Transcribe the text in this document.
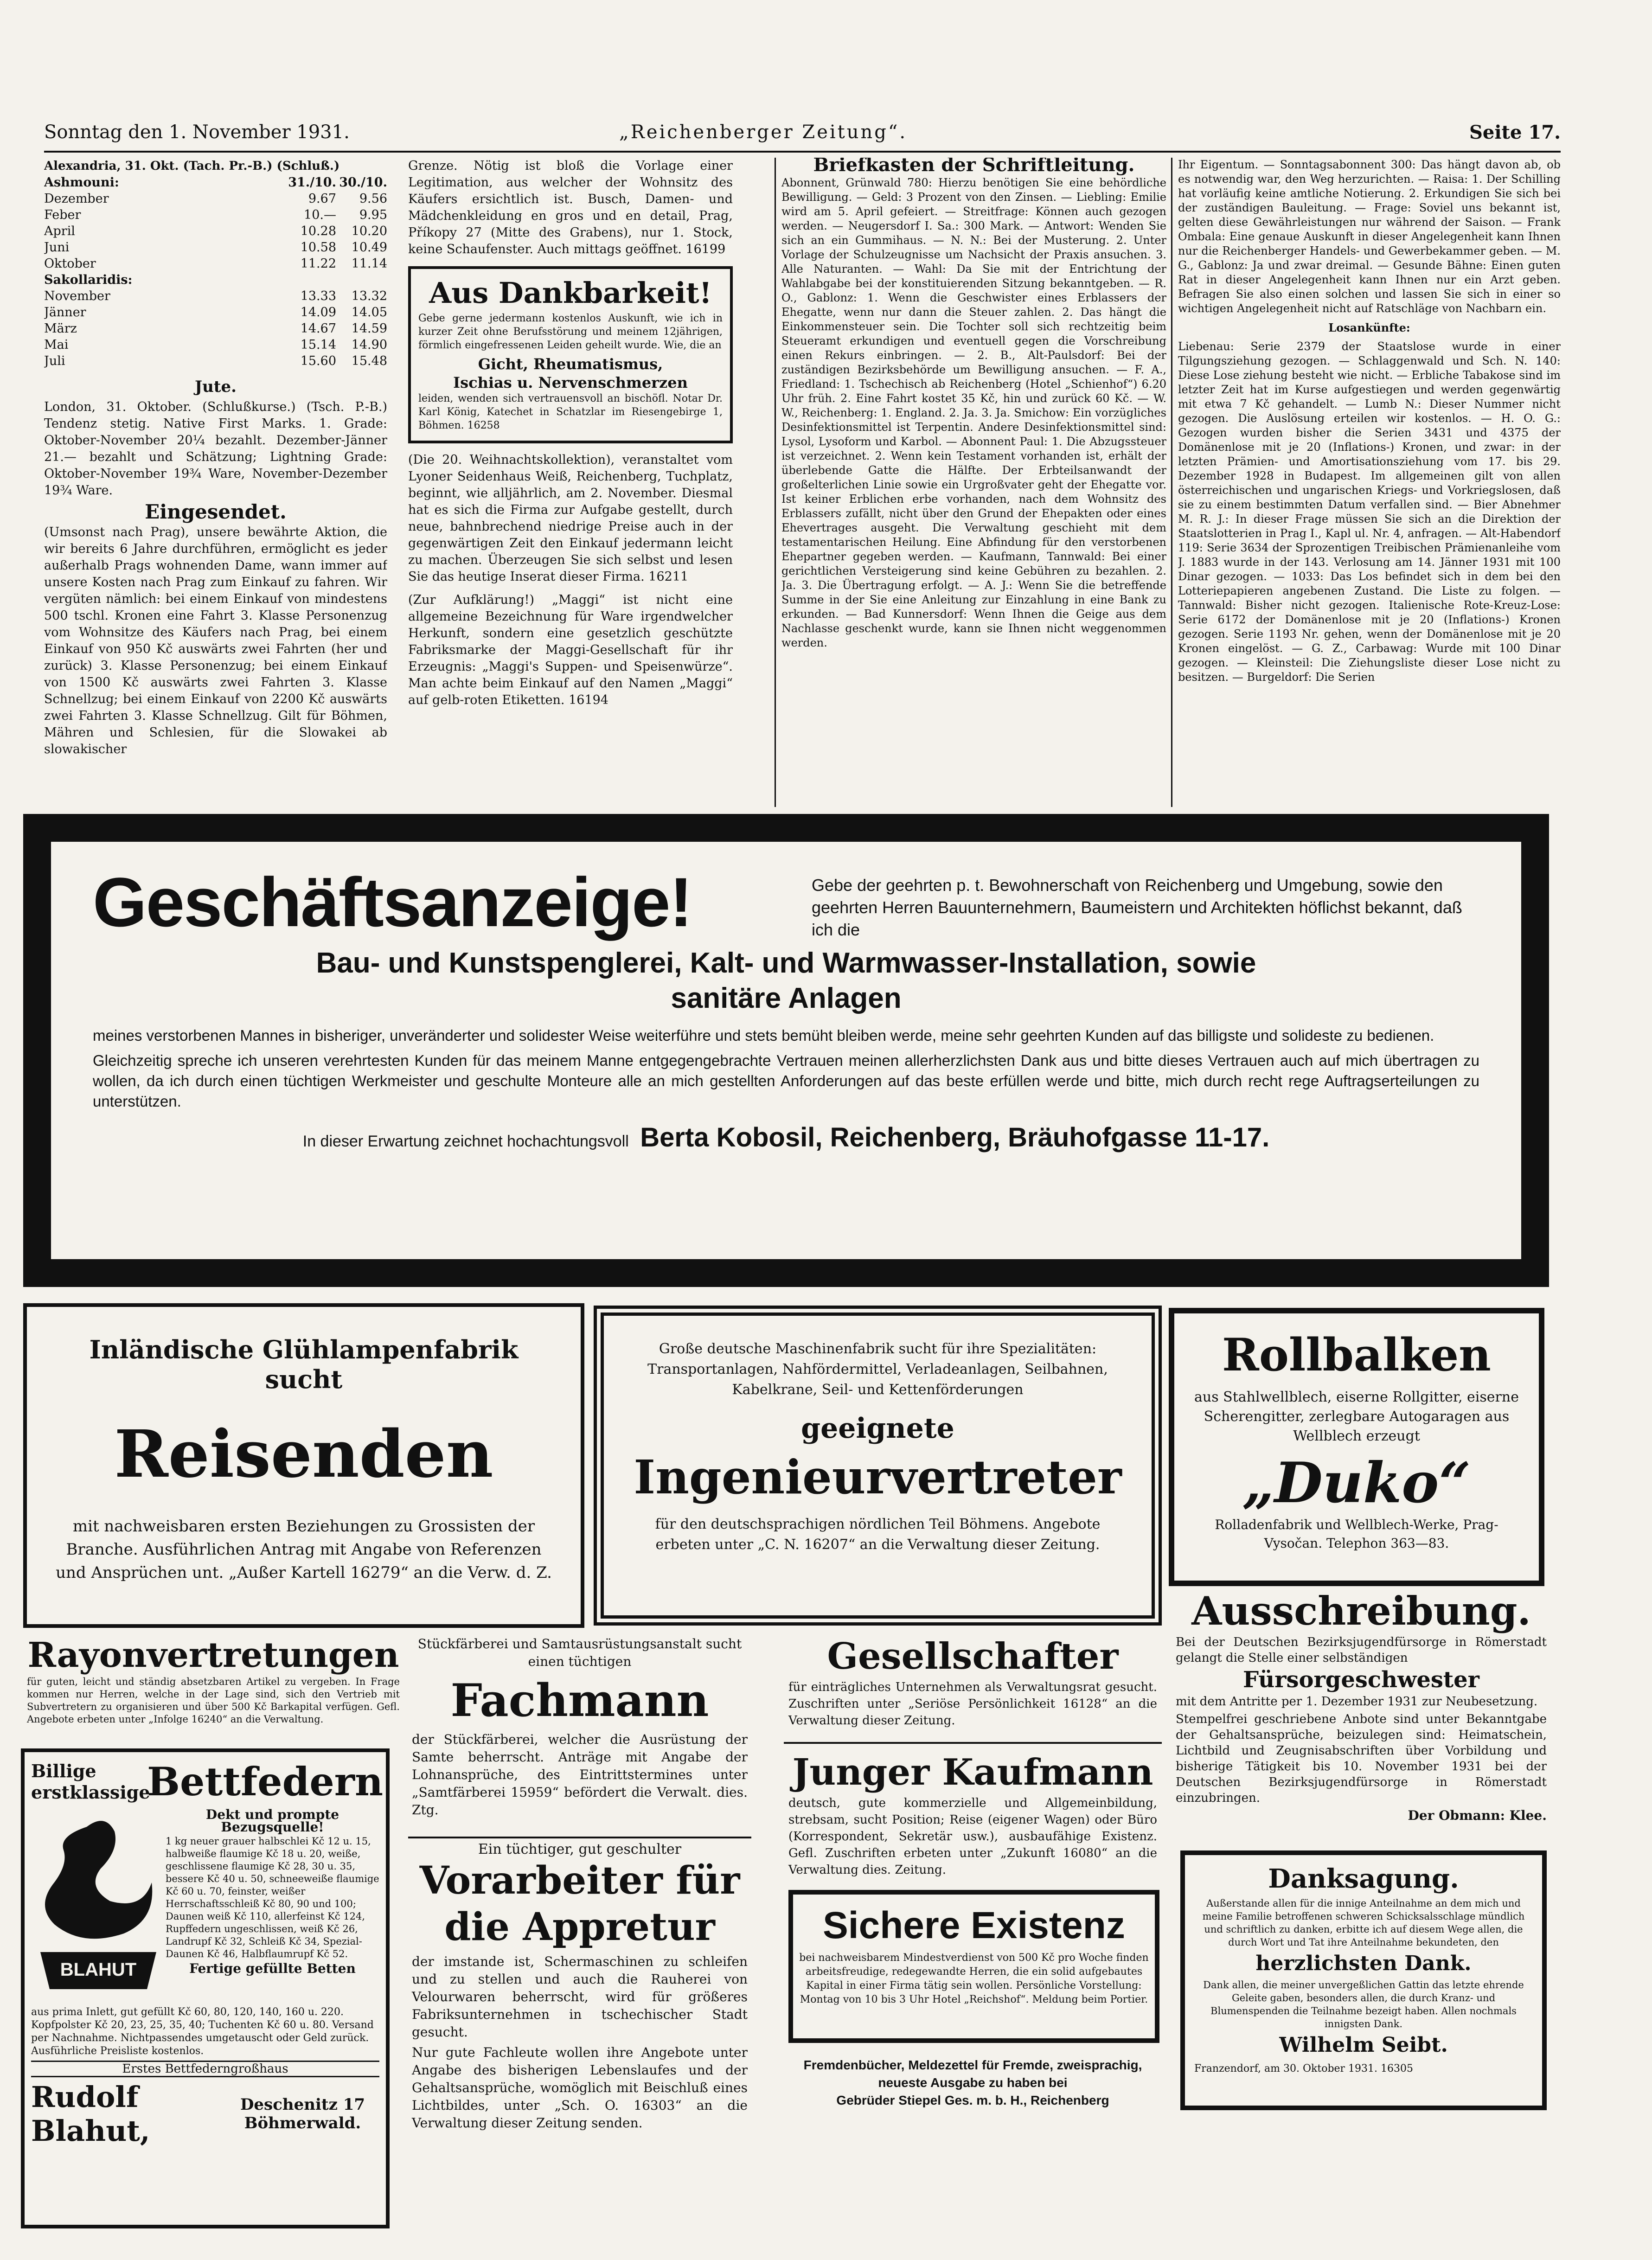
Sonntag den 1. November 1931.	„Reichenberger Zeitung“.	Seite 17.
Alexandria, 31. Okt. (Tach. Pr.-B.) (Schluß.)
Ashmouni:	31./10. 30./10.
Dezember	9.67	9.56
Feber	10.—	9.95
April	10.28	10.20
Juni	10.58	10.49
Oktober	11.22	11.14
Sakollaridis:
November	13.33	13.32
Jänner	14.09	14.05
März	14.67	14.59
Mai	15.14	14.90
Juli	15.60	15.48
Jute.

London, 31. Oktober. (Schlußkurse.) (Tsch. P.-B.) Tendenz stetig. Native First Marks. 1. Grade: Oktober-November 20¼ bezahlt. Dezember-Jänner 21.— bezahlt und Schätzung; Lightning Grade: Oktober-November 19¾ Ware, November-Dezember 19¾ Ware.

Eingesendet.

(Umsonst nach Prag), unsere bewährte Aktion, die wir bereits 6 Jahre durchführen, ermöglicht es jeder außerhalb Prags wohnenden Dame, wann immer auf unsere Kosten nach Prag zum Einkauf zu fahren. Wir vergüten nämlich: bei einem Einkauf von mindestens 500 tschl. Kronen eine Fahrt 3. Klasse Personenzug vom Wohnsitze des Käufers nach Prag, bei einem Einkauf von 950 Kč auswärts zwei Fahrten (her und zurück) 3. Klasse Personenzug; bei einem Einkauf von 1500 Kč auswärts zwei Fahrten 3. Klasse Schnellzug; bei einem Einkauf von 2200 Kč auswärts zwei Fahrten 3. Klasse Schnellzug. Gilt für Böhmen, Mähren und Schlesien, für die Slowakei ab slowakischer

Grenze. Nötig ist bloß die Vorlage einer Legitimation, aus welcher der Wohnsitz des Käufers ersichtlich ist. Busch, Damen- und Mädchenkleidung en gros und en detail, Prag, Příkopy 27 (Mitte des Grabens), nur 1. Stock, keine Schaufenster. Auch mittags geöffnet. 16199

Aus Dankbarkeit!

Gebe gerne jedermann kostenlos Auskunft, wie ich in kurzer Zeit ohne Berufsstörung und meinem 12jährigen, förmlich eingefressenen Leiden geheilt wurde. Wie, die an

Gicht, Rheumatismus,
Ischias u. Nervenschmerzen

leiden, wenden sich vertrauensvoll an bischöfl. Notar Dr. Karl König, Katechet in Schatzlar im Riesengebirge 1, Böhmen. 16258

(Die 20. Weihnachtskollektion), veranstaltet vom Lyoner Seidenhaus Weiß, Reichenberg, Tuchplatz, beginnt, wie alljährlich, am 2. November. Diesmal hat es sich die Firma zur Aufgabe gestellt, durch neue, bahnbrechend niedrige Preise auch in der gegenwärtigen Zeit den Einkauf jedermann leicht zu machen. Überzeugen Sie sich selbst und lesen Sie das heutige Inserat dieser Firma. 16211

(Zur Aufklärung!) „Maggi“ ist nicht eine allgemeine Bezeichnung für Ware irgendwelcher Herkunft, sondern eine gesetzlich geschützte Fabriksmarke der Maggi-Gesellschaft für ihr Erzeugnis: „Maggi's Suppen- und Speisenwürze“. Man achte beim Einkauf auf den Namen „Maggi“ auf gelb-roten Etiketten. 16194

Briefkasten der Schriftleitung.

Abonnent, Grünwald 780: Hierzu benötigen Sie eine behördliche Bewilligung. — Geld: 3 Prozent von den Zinsen. — Liebling: Emilie wird am 5. April gefeiert. — Streitfrage: Können auch gezogen werden. — Neugersdorf I. Sa.: 300 Mark. — Antwort: Wenden Sie sich an ein Gummihaus. — N. N.: Bei der Musterung. 2. Unter Vorlage der Schulzeugnisse um Nachsicht der Praxis ansuchen. 3. Alle Naturanten. — Wahl: Da Sie mit der Entrichtung der Wahlabgabe bei der konstituierenden Sitzung bekanntgeben. — R. O., Gablonz: 1. Wenn die Geschwister eines Erblassers der Ehegatte, wenn nur dann die Steuer zahlen. 2. Das hängt die Einkommensteuer sein. Die Tochter soll sich rechtzeitig beim Steueramt erkundigen und eventuell gegen die Vorschreibung einen Rekurs einbringen. — 2. B., Alt-Paulsdorf: Bei der zuständigen Bezirksbehörde um Bewilligung ansuchen. — F. A., Friedland: 1. Tschechisch ab Reichenberg (Hotel „Schienhof“) 6.20 Uhr früh. 2. Eine Fahrt kostet 35 Kč, hin und zurück 60 Kč. — W. W., Reichenberg: 1. England. 2. Ja. 3. Ja. Smichow: Ein vorzügliches Desinfektionsmittel ist Terpentin. Andere Desinfektionsmittel sind: Lysol, Lysoform und Karbol. — Abonnent Paul: 1. Die Abzugssteuer ist verzeichnet. 2. Wenn kein Testament vorhanden ist, erhält der überlebende Gatte die Hälfte. Der Erbteilsanwandt der großelterlichen Linie sowie ein Urgroßvater geht der Ehegatte vor. Ist keiner Erblichen erbe vorhanden, nach dem Wohnsitz des Erblassers zufällt, nicht über den Grund der Ehepakten oder eines Ehevertrages ausgeht. Die Verwaltung geschieht mit dem testamentarischen Heilung. Eine Abfindung für den verstorbenen Ehepartner gegeben werden. — Kaufmann, Tannwald: Bei einer gerichtlichen Versteigerung sind keine Gebühren zu bezahlen. 2. Ja. 3. Die Übertragung erfolgt. — A. J.: Wenn Sie die betreffende Summe in der Sie eine Anleitung zur Einzahlung in eine Bank zu erkunden. — Bad Kunnersdorf: Wenn Ihnen die Geige aus dem Nachlasse geschenkt wurde, kann sie Ihnen nicht weggenommen werden.

Ihr Eigentum. — Sonntagsabonnent 300: Das hängt davon ab, ob es notwendig war, den Weg herzurichten. — Raisa: 1. Der Schilling hat vorläufig keine amtliche Notierung. 2. Erkundigen Sie sich bei der zuständigen Bauleitung. — Frage: Soviel uns bekannt ist, gelten diese Gewährleistungen nur während der Saison. — Frank Ombala: Eine genaue Auskunft in dieser Angelegenheit kann Ihnen nur die Reichenberger Handels- und Gewerbekammer geben. — M. G., Gablonz: Ja und zwar dreimal. — Gesunde Bähne: Einen guten Rat in dieser Angelegenheit kann Ihnen nur ein Arzt geben. Befragen Sie also einen solchen und lassen Sie sich in einer so wichtigen Angelegenheit nicht auf Ratschläge von Nachbarn ein.

Losankünfte:

Liebenau: Serie 2379 der Staatslose wurde in einer Tilgungsziehung gezogen. — Schlaggenwald und Sch. N. 140: Diese Lose ziehung besteht wie nicht. — Erbliche Tabakose sind im letzter Zeit hat im Kurse aufgestiegen und werden gegenwärtig mit etwa 7 Kč gehandelt. — Lumb N.: Dieser Nummer nicht gezogen. Die Auslösung erteilen wir kostenlos. — H. O. G.: Gezogen wurden bisher die Serien 3431 und 4375 der Domänenlose mit je 20 (Inflations-) Kronen, und zwar: in der letzten Prämien- und Amortisationsziehung vom 17. bis 29. Dezember 1928 in Budapest. Im allgemeinen gilt von allen österreichischen und ungarischen Kriegs- und Vorkriegslosen, daß sie zu einem bestimmten Datum verfallen sind. — Bier Abnehmer M. R. J.: In dieser Frage müssen Sie sich an die Direktion der Staatslotterien in Prag I., Kapl ul. Nr. 4, anfragen. — Alt-Habendorf 119: Serie 3634 der Sprozentigen Treibischen Prämienanleihe vom J. 1883 wurde in der 143. Verlosung am 14. Jänner 1931 mit 100 Dinar gezogen. — 1033: Das Los befindet sich in dem bei den Lotteriepapieren angebenen Zustand. Die Liste zu folgen. — Tannwald: Bisher nicht gezogen. Italienische Rote-Kreuz-Lose: Serie 6172 der Domänenlose mit je 20 (Inflations-) Kronen gezogen. Serie 1193 Nr. gehen, wenn der Domänenlose mit je 20 Kronen eingelöst. — G. Z., Carbawag: Wurde mit 100 Dinar gezogen. — Kleinsteil: Die Ziehungsliste dieser Lose nicht zu besitzen. — Burgeldorf: Die Serien

Geschäftsanzeige!	Gebe der geehrten p. t. Bewohnerschaft von Reichenberg und Umgebung, sowie den geehrten Herren Bauunternehmern, Baumeistern und Architekten höflichst bekannt, daß ich die
Bau- und Kunstspenglerei, Kalt- und Warmwasser-Installation, sowie
sanitäre Anlagen

meines verstorbenen Mannes in bisheriger, unveränderter und solidester Weise weiterführe und stets bemüht bleiben werde, meine sehr geehrten Kunden auf das billigste und solideste zu bedienen.

Gleichzeitig spreche ich unseren verehrtesten Kunden für das meinem Manne entgegengebrachte Vertrauen meinen allerherzlichsten Dank aus und bitte dieses Vertrauen auch auf mich übertragen zu wollen, da ich durch einen tüchtigen Werkmeister und geschulte Monteure alle an mich gestellten Anforderungen auf das beste erfüllen werde und bitte, mich durch recht rege Auftragserteilungen zu unterstützen.

In dieser Erwartung zeichnet hochachtungsvoll Berta Kobosil, Reichenberg, Bräuhofgasse 11-17.
Inländische Glühlampenfabrik sucht
Reisenden

mit nachweisbaren ersten Beziehungen zu Grossisten der Branche. Ausführlichen Antrag mit Angabe von Referenzen und Ansprüchen unt. „Außer Kartell 16279“ an die Verw. d. Z.

Große deutsche Maschinenfabrik sucht für ihre Spezialitäten: Transportanlagen, Nahfördermittel, Verladeanlagen, Seilbahnen, Kabelkrane, Seil- und Kettenförderungen

geeignete
Ingenieurvertreter

für den deutschsprachigen nördlichen Teil Böhmens. Angebote erbeten unter „C. N. 16207“ an die Verwaltung dieser Zeitung.

Rollbalken

aus Stahlwellblech, eiserne Rollgitter, eiserne Scherengitter, zerlegbare Autogaragen aus Wellblech erzeugt

„Duko“

Rolladenfabrik und Wellblech-Werke, Prag-Vysočan. Telephon 363—83.

Rayonvertretungen

für guten, leicht und ständig absetzbaren Artikel zu vergeben. In Frage kommen nur Herren, welche in der Lage sind, sich den Vertrieb mit Subvertretern zu organisieren und über 500 Kč Barkapital verfügen. Gefl. Angebote erbeten unter „Infolge 16240“ an die Verwaltung.

Billige erstklassige
Bettfedern
BLAHUT
Dekt und prompte Bezugsquelle!

1 kg neuer grauer halbschlei Kč 12 u. 15, halbweiße flaumige Kč 18 u. 20, weiße, geschlissene flaumige Kč 28, 30 u. 35, bessere Kč 40 u. 50, schneeweiße flaumige Kč 60 u. 70, feinster, weißer Herrschaftsschleiß Kč 80, 90 und 100; Daunen weiß Kč 110, allerfeinst Kč 124, Rupffedern ungeschlissen, weiß Kč 26, Landrupf Kč 32, Schleiß Kč 34, Spezial-Daunen Kč 46, Halbflaumrupf Kč 52.

Fertige gefüllte Betten

aus prima Inlett, gut gefüllt Kč 60, 80, 120, 140, 160 u. 220. Kopfpolster Kč 20, 23, 25, 35, 40; Tuchenten Kč 60 u. 80. Versand per Nachnahme. Nichtpassendes umgetauscht oder Geld zurück. Ausführliche Preisliste kostenlos.

Erstes Bettfederngroßhaus
Rudolf Blahut,
Deschenitz 17 Böhmerwald.

Stückfärberei und Samtausrüstungsanstalt sucht einen tüchtigen

Fachmann

der Stückfärberei, welcher die Ausrüstung der Samte beherrscht. Anträge mit Angabe der Lohnansprüche, des Eintrittstermines unter „Samtfärberei 15959“ befördert die Verwalt. dies. Ztg.

Ein tüchtiger, gut geschulter
Vorarbeiter für
die Appretur

der imstande ist, Schermaschinen zu schleifen und zu stellen und auch die Rauherei von Velourwaren beherrscht, wird für größeres Fabriksunternehmen in tschechischer Stadt gesucht.

Nur gute Fachleute wollen ihre Angebote unter Angabe des bisherigen Lebenslaufes und der Gehaltsansprüche, womöglich mit Beischluß eines Lichtbildes, unter „Sch. O. 16303“ an die Verwaltung dieser Zeitung senden.

Gesellschafter

für einträgliches Unternehmen als Verwaltungsrat gesucht. Zuschriften unter „Seriöse Persönlichkeit 16128“ an die Verwaltung dieser Zeitung.

Junger Kaufmann

deutsch, gute kommerzielle und Allgemeinbildung, strebsam, sucht Position; Reise (eigener Wagen) oder Büro (Korrespondent, Sekretär usw.), ausbaufähige Existenz. Gefl. Zuschriften erbeten unter „Zukunft 16080“ an die Verwaltung dies. Zeitung.

Sichere Existenz

bei nachweisbarem Mindestverdienst von 500 Kč pro Woche finden arbeitsfreudige, redegewandte Herren, die ein solid aufgebautes Kapital in einer Firma tätig sein wollen. Persönliche Vorstellung: Montag von 10 bis 3 Uhr Hotel „Reichshof“. Meldung beim Portier.

Fremdenbücher, Meldezettel für Fremde, zweisprachig, neueste Ausgabe zu haben bei

Gebrüder Stiepel Ges. m. b. H., Reichenberg

Ausschreibung.

Bei der Deutschen Bezirksjugendfürsorge in Römerstadt gelangt die Stelle einer selbständigen

Fürsorgeschwester

mit dem Antritte per 1. Dezember 1931 zur Neubesetzung.

Stempelfrei geschriebene Anbote sind unter Bekanntgabe der Gehaltsansprüche, beizulegen sind: Heimatschein, Lichtbild und Zeugnisabschriften über Vorbildung und bisherige Tätigkeit bis 10. November 1931 bei der Deutschen Bezirksjugendfürsorge in Römerstadt einzubringen.

Der Obmann: Klee.
Danksagung.

Außerstande allen für die innige Anteilnahme an dem mich und meine Familie betroffenen schweren Schicksalsschlage mündlich und schriftlich zu danken, erbitte ich auf diesem Wege allen, die durch Wort und Tat ihre Anteilnahme bekundeten, den

herzlichsten Dank.

Dank allen, die meiner unvergeßlichen Gattin das letzte ehrende Geleite gaben, besonders allen, die durch Kranz- und Blumenspenden die Teilnahme bezeigt haben. Allen nochmals innigsten Dank.

Wilhelm Seibt.
Franzendorf, am 30. Oktober 1931. 16305
